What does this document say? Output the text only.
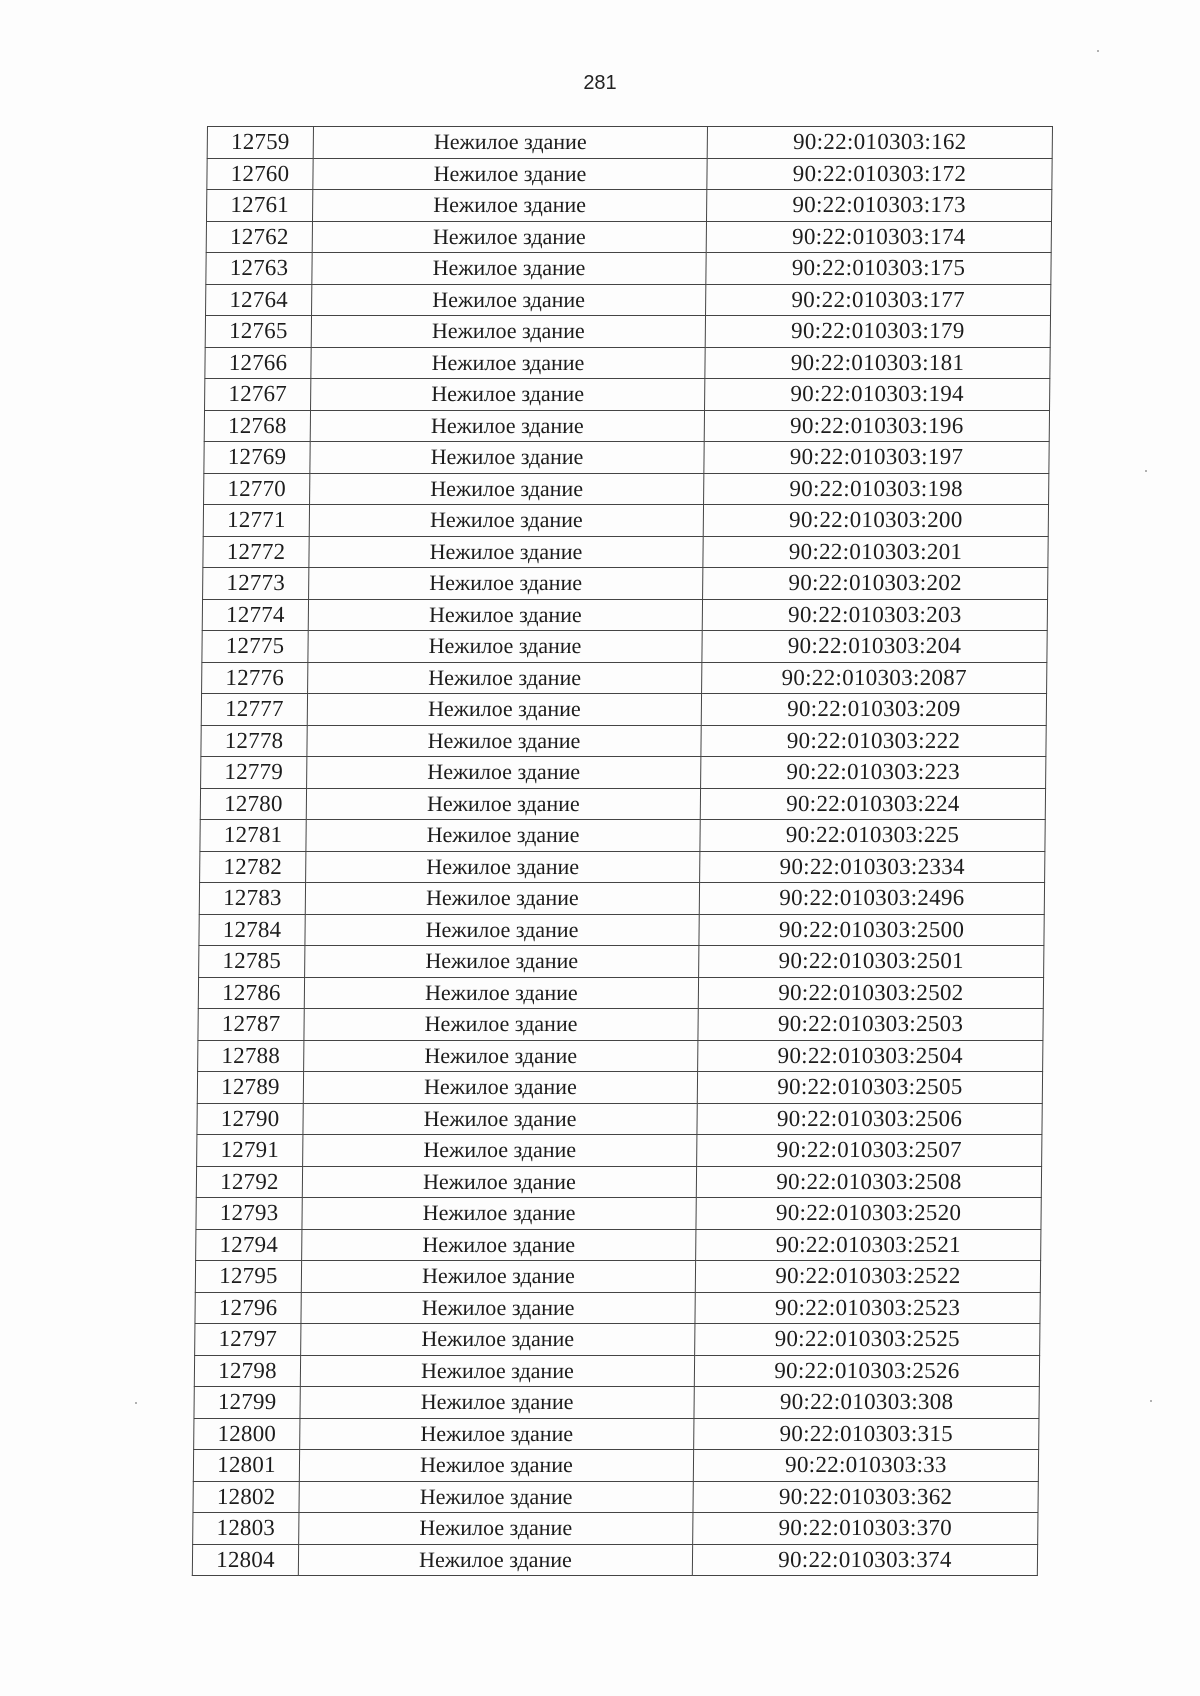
281
12759	Нежилое здание	90:22:010303:162
12760	Нежилое здание	90:22:010303:172
12761	Нежилое здание	90:22:010303:173
12762	Нежилое здание	90:22:010303:174
12763	Нежилое здание	90:22:010303:175
12764	Нежилое здание	90:22:010303:177
12765	Нежилое здание	90:22:010303:179
12766	Нежилое здание	90:22:010303:181
12767	Нежилое здание	90:22:010303:194
12768	Нежилое здание	90:22:010303:196
12769	Нежилое здание	90:22:010303:197
12770	Нежилое здание	90:22:010303:198
12771	Нежилое здание	90:22:010303:200
12772	Нежилое здание	90:22:010303:201
12773	Нежилое здание	90:22:010303:202
12774	Нежилое здание	90:22:010303:203
12775	Нежилое здание	90:22:010303:204
12776	Нежилое здание	90:22:010303:2087
12777	Нежилое здание	90:22:010303:209
12778	Нежилое здание	90:22:010303:222
12779	Нежилое здание	90:22:010303:223
12780	Нежилое здание	90:22:010303:224
12781	Нежилое здание	90:22:010303:225
12782	Нежилое здание	90:22:010303:2334
12783	Нежилое здание	90:22:010303:2496
12784	Нежилое здание	90:22:010303:2500
12785	Нежилое здание	90:22:010303:2501
12786	Нежилое здание	90:22:010303:2502
12787	Нежилое здание	90:22:010303:2503
12788	Нежилое здание	90:22:010303:2504
12789	Нежилое здание	90:22:010303:2505
12790	Нежилое здание	90:22:010303:2506
12791	Нежилое здание	90:22:010303:2507
12792	Нежилое здание	90:22:010303:2508
12793	Нежилое здание	90:22:010303:2520
12794	Нежилое здание	90:22:010303:2521
12795	Нежилое здание	90:22:010303:2522
12796	Нежилое здание	90:22:010303:2523
12797	Нежилое здание	90:22:010303:2525
12798	Нежилое здание	90:22:010303:2526
12799	Нежилое здание	90:22:010303:308
12800	Нежилое здание	90:22:010303:315
12801	Нежилое здание	90:22:010303:33
12802	Нежилое здание	90:22:010303:362
12803	Нежилое здание	90:22:010303:370
12804	Нежилое здание	90:22:010303:374
